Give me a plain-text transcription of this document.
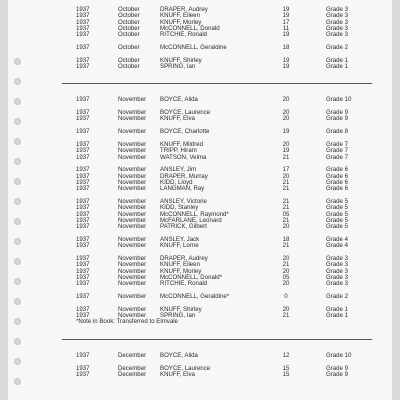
1937	October	DRAPER, Audrey	19	Grade 3
1937	October	KNUFF, Eileen	19	Grade 3
1937	October	KNUFF, Morley	17	Grade 3
1937	October	McCONNELL, Donald	11	Grade 3
1937	October	RITCHIE, Ronald	19	Grade 3
1937	October	McCONNELL, Geraldine	18	Grade 2
1937	October	KNUFF, Shirley	19	Grade 1
1937	October	SPRING, Ian	19	Grade 1
1937	November BOYCE, Alida	20	Grade 10
1937	November BOYCE, Laurence	20	Grade 9
1937	November KNUFF, Elva	20	Grade 9
1937	November BOYCE, Charlotte	19	Grade 8
1937	November KNUFF, Mildred	20	Grade 7
1937	November TRIPP, Hiram	19	Grade 7
1937	November WATSON, Velma	21	Grade 7
1937	November ANSLEY, Jim	17	Grade 6
1937	November DRAPER, Murray	20	Grade 6
1937	November KIDD, Lloyd	21	Grade 6
1937	November LANGMAN, Ray	21	Grade 6
1937	November ANSLEY, Victorie	21	Grade 5
1937	November KIDD, Stanley	21	Grade 5
1937	November McCONNELL, Raymond*	05	Grade 5
1937	November McFARLANE, Leonard	21	Grade 5
1937	November PATRICK, Gilbert	20	Grade 5
1937	November ANSLEY, Jack	18	Grade 4
1937	November KNUFF, Lorne	21	Grade 4
1937	November DRAPER, Audrey	20	Grade 3
1937	November KNUFF, Eileen	21	Grade 3
1937	November KNUFF, Morley	20	Grade 3
1937	November McCONNELL, Donald*	05	Grade 3
1937	November RITCHIE, Ronald	20	Grade 3
1937	November McCONNELL, Geraldine*	0	Grade 2
1937	November KNUFF, Shirley	20	Grade 1
1937	November SPRING, Ian	21	Grade 1
*Note in Book: Transferred to Elmvale
1937	December BOYCE, Alida	12	Grade 10
1937	December BOYCE, Laurence	15	Grade 9
1937	December KNUFF, Elva	15	Grade 9
